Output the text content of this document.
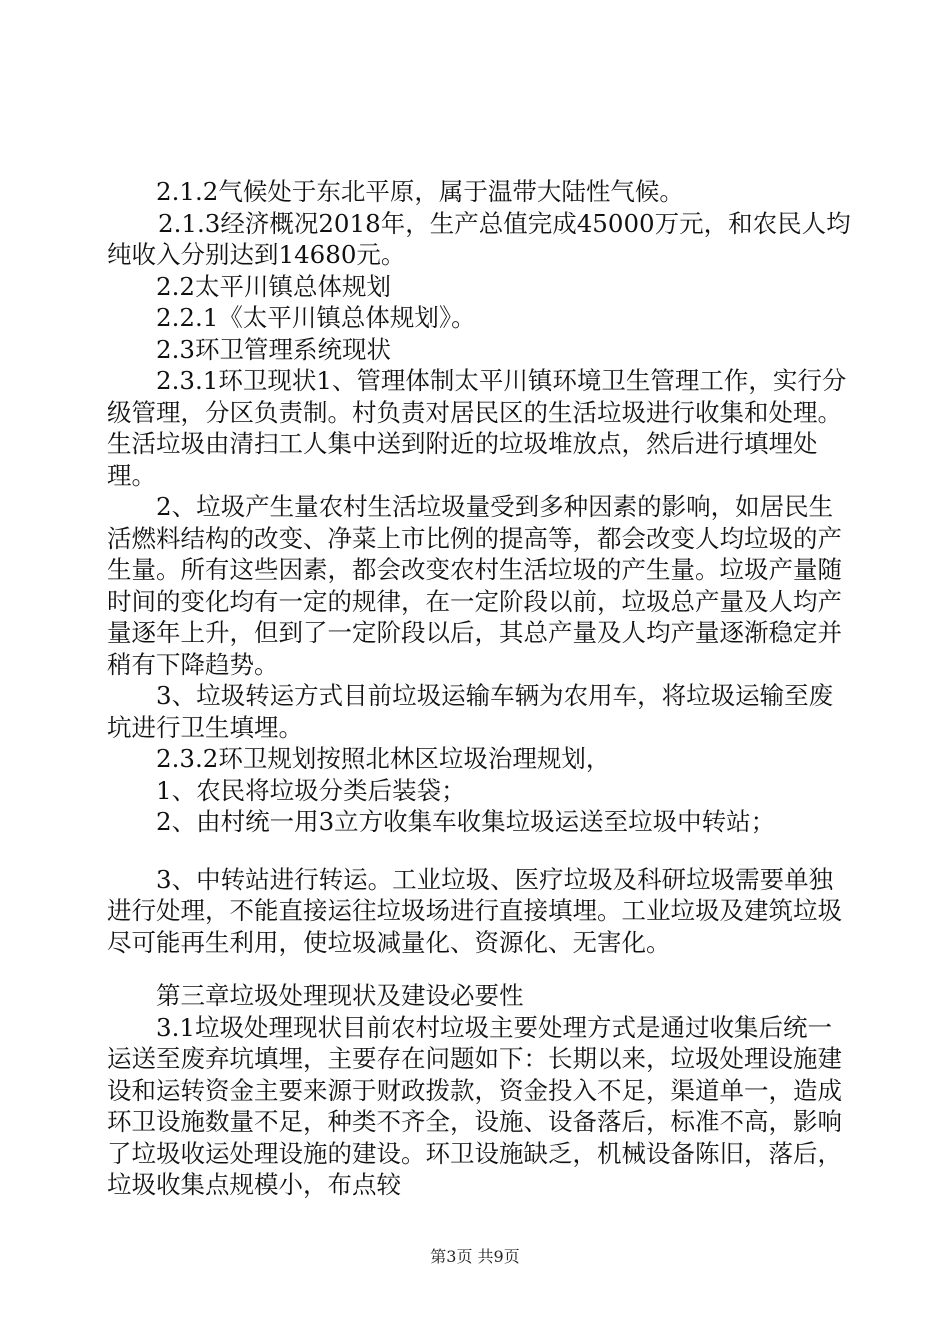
2.1.2气候处于东北平原，属于温带大陆性气候。

2.1.3经济概况2018年，生产总值完成45000万元，和农民人均纯收入分别达到14680元。

2.2太平川镇总体规划

2.2.1《太平川镇总体规划》。

2.3环卫管理系统现状

2.3.1环卫现状1、管理体制太平川镇环境卫生管理工作，实行分级管理，分区负责制。村负责对居民区的生活垃圾进行收集和处理。生活垃圾由清扫工人集中送到附近的垃圾堆放点，然后进行填埋处理。

2、垃圾产生量农村生活垃圾量受到多种因素的影响，如居民生活燃料结构的改变、净菜上市比例的提高等，都会改变人均垃圾的产生量。所有这些因素，都会改变农村生活垃圾的产生量。垃圾产量随时间的变化均有一定的规律，在一定阶段以前，垃圾总产量及人均产量逐年上升，但到了一定阶段以后，其总产量及人均产量逐渐稳定并稍有下降趋势。

3、垃圾转运方式目前垃圾运输车辆为农用车，将垃圾运输至废坑进行卫生填埋。

2.3.2环卫规划按照北林区垃圾治理规划，

1、农民将垃圾分类后装袋；

2、由村统一用3立方收集车收集垃圾运送至垃圾中转站；

3、中转站进行转运。工业垃圾、医疗垃圾及科研垃圾需要单独进行处理，不能直接运往垃圾场进行直接填埋。工业垃圾及建筑垃圾尽可能再生利用，使垃圾减量化、资源化、无害化。

第三章垃圾处理现状及建设必要性

3.1垃圾处理现状目前农村垃圾主要处理方式是通过收集后统一运送至废弃坑填埋，主要存在问题如下：长期以来，垃圾处理设施建设和运转资金主要来源于财政拨款，资金投入不足，渠道单一，造成环卫设施数量不足，种类不齐全，设施、设备落后，标准不高，影响了垃圾收运处理设施的建设。环卫设施缺乏，机械设备陈旧，落后，垃圾收集点规模小，布点较

第3页 共9页
